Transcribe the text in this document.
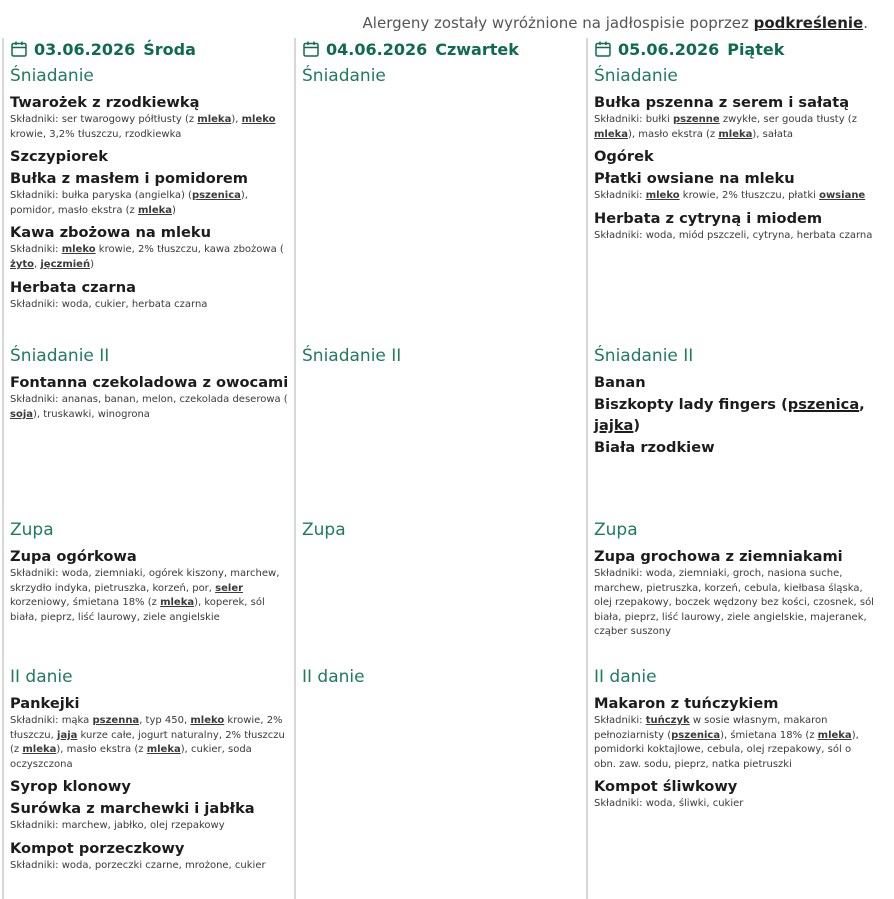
Alergeny zostały wyróżnione na jadłospisie poprzez podkreślenie.
03.06.2026 Środa
Śniadanie
Twarożek z rzodkiewką
Składniki: ser twarogowy półtłusty (z mleka), mleko krowie, 3,2% tłuszczu, rzodkiewka
Szczypiorek
Bułka z masłem i pomidorem
Składniki: bułka paryska (angielka) (pszenica), pomidor, masło ekstra (z mleka)
Kawa zbożowa na mleku
Składniki: mleko krowie, 2% tłuszczu, kawa zbożowa ( żyto, jęczmień)
Herbata czarna
Składniki: woda, cukier, herbata czarna
Śniadanie II
Fontanna czekoladowa z owocami
Składniki: ananas, banan, melon, czekolada deserowa ( soja), truskawki, winogrona
Zupa
Zupa ogórkowa
Składniki: woda, ziemniaki, ogórek kiszony, marchew, skrzydło indyka, pietruszka, korzeń, por, seler korzeniowy, śmietana 18% (z mleka), koperek, sól biała, pieprz, liść laurowy, ziele angielskie
II danie
Pankejki
Składniki: mąka pszenna, typ 450, mleko krowie, 2% tłuszczu, jaja kurze całe, jogurt naturalny, 2% tłuszczu (z mleka), masło ekstra (z mleka), cukier, soda oczyszczona
Syrop klonowy
Surówka z marchewki i jabłka
Składniki: marchew, jabłko, olej rzepakowy
Kompot porzeczkowy
Składniki: woda, porzeczki czarne, mrożone, cukier
04.06.2026 Czwartek
Śniadanie
Śniadanie II
Zupa
II danie
05.06.2026 Piątek
Śniadanie
Bułka pszenna z serem i sałatą
Składniki: bułki pszenne zwykłe, ser gouda tłusty (z mleka), masło ekstra (z mleka), sałata
Ogórek
Płatki owsiane na mleku
Składniki: mleko krowie, 2% tłuszczu, płatki owsiane
Herbata z cytryną i miodem
Składniki: woda, miód pszczeli, cytryna, herbata czarna
Śniadanie II
Banan
Biszkopty lady fingers (pszenica, jajka)
Biała rzodkiew
Zupa
Zupa grochowa z ziemniakami
Składniki: woda, ziemniaki, groch, nasiona suche, marchew, pietruszka, korzeń, cebula, kiełbasa śląska, olej rzepakowy, boczek wędzony bez kości, czosnek, sól biała, pieprz, liść laurowy, ziele angielskie, majeranek, cząber suszony
II danie
Makaron z tuńczykiem
Składniki: tuńczyk w sosie własnym, makaron pełnoziarnisty (pszenica), śmietana 18% (z mleka), pomidorki koktajlowe, cebula, olej rzepakowy, sól o obn. zaw. sodu, pieprz, natka pietruszki
Kompot śliwkowy
Składniki: woda, śliwki, cukier
